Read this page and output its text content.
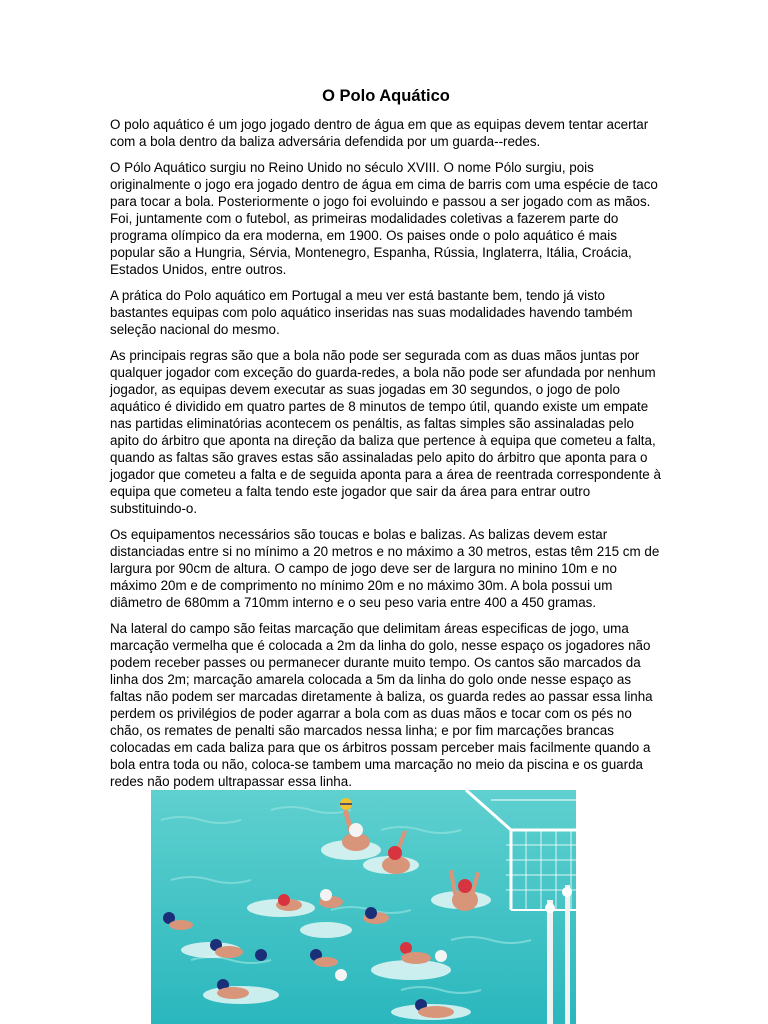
O Polo Aquático

O polo aquático é um jogo jogado dentro de água em que as equipas devem tentar acertar com a bola dentro da baliza adversária defendida por um guarda--redes.

O Pólo Aquático surgiu no Reino Unido no século XVIII. O nome Pólo surgiu, pois originalmente o jogo era jogado dentro de água em cima de barris com uma espécie de taco para tocar a bola. Posteriormente o jogo foi evoluindo e passou a ser jogado com as mãos. Foi, juntamente com o futebol, as primeiras modalidades coletivas a fazerem parte do programa olímpico da era moderna, em 1900. Os paises onde o polo aquático é mais popular são a Hungria, Sérvia, Montenegro, Espanha, Rússia, Inglaterra, Itália, Croácia, Estados Unidos, entre outros.

A prática do Polo aquático em Portugal a meu ver está bastante bem, tendo já visto bastantes equipas com polo aquático inseridas nas suas modalidades havendo também seleção nacional do mesmo.

As principais regras são que a bola não pode ser segurada com as duas mãos juntas por qualquer jogador com exceção do guarda-redes, a bola não pode ser afundada por nenhum jogador, as equipas devem executar as suas jogadas em 30 segundos, o jogo de polo aquático é dividido em quatro partes de 8 minutos de tempo útil, quando existe um empate nas partidas eliminatórias acontecem os penáltis, as faltas simples são assinaladas pelo apito do árbitro que aponta na direção da baliza que pertence à equipa que cometeu a falta, quando as faltas são graves estas são assinaladas pelo apito do árbitro que aponta para o jogador que cometeu a falta e de seguida aponta para a área de reentrada correspondente à equipa que cometeu a falta tendo este jogador que sair da área para entrar outro substituindo-o.

Os equipamentos necessários são toucas e bolas e balizas. As balizas devem estar distanciadas entre si no mínimo a 20 metros e no máximo a 30 metros, estas têm 215 cm de largura por 90cm de altura. O campo de jogo deve ser de largura no minino 10m e no máximo 20m e de comprimento no mínimo 20m e no máximo 30m. A bola possui um diâmetro de 680mm a 710mm interno e o seu peso varia entre 400 a 450 gramas.

Na lateral do campo são feitas marcação que delimitam áreas especificas de jogo, uma marcação vermelha que é colocada a 2m da linha do golo, nesse espaço os jogadores não podem receber passes ou permanecer durante muito tempo. Os cantos são marcados da linha dos 2m; marcação amarela colocada a 5m da linha do golo onde nesse espaço as faltas não podem ser marcadas diretamente à baliza, os guarda redes ao passar essa linha perdem os privilégios de poder agarrar a bola com as duas mãos e tocar com os pés no chão, os remates de penalti são marcados nessa linha; e por fim marcações brancas colocadas em cada baliza para que os árbitros possam perceber mais facilmente quando a bola entra toda ou não, coloca-se tambem uma marcação no meio da piscina e os guarda redes não podem ultrapassar essa linha.
